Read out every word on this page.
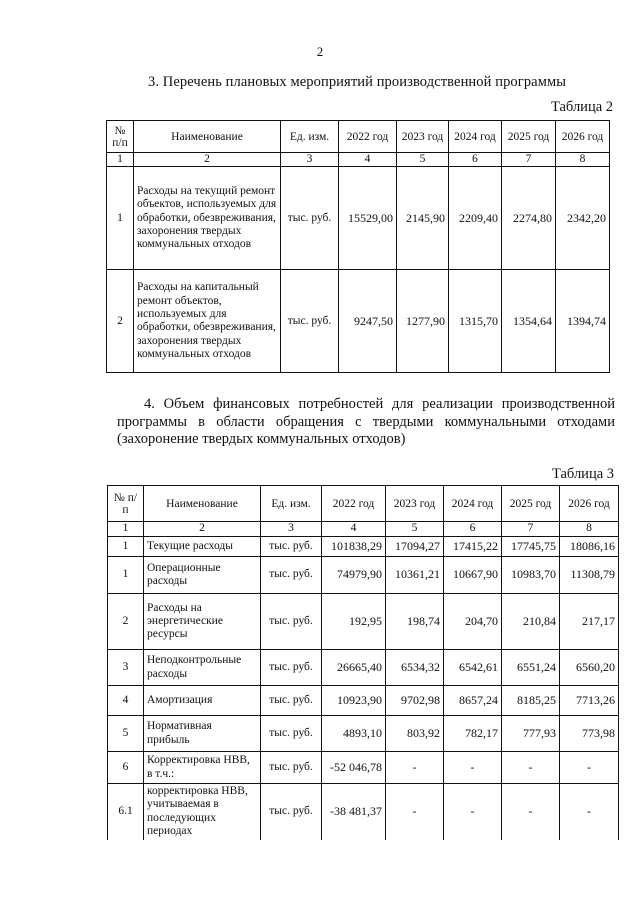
2
3. Перечень плановых мероприятий производственной программы
Таблица 2
№ п/п	Наименование	Ед. изм.	2022 год	2023 год	2024 год	2025 год	2026 год
1	2	3	4	5	6	7	8
1	Расходы на текущий ремонт объектов, используемых для обработки, обезвреживания, захоронения твердых коммунальных отходов	тыс. руб.	15529,00	2145,90	2209,40	2274,80	2342,20
2	Расходы на капитальный ремонт объектов, используемых для обработки, обезвреживания, захоронения твердых коммунальных отходов	тыс. руб.	9247,50	1277,90	1315,70	1354,64	1394,74
4. Объем финансовых потребностей для реализации производственной программы в области обращения с твердыми коммунальными отходами (захоронение твердых коммунальных отходов)
Таблица 3
№ п/п	Наименование	Ед. изм.	2022 год	2023 год	2024 год	2025 год	2026 год
1	2	3	4	5	6	7	8
1	Текущие расходы	тыс. руб.	101838,29	17094,27	17415,22	17745,75	18086,16
1	Операционные расходы	тыс. руб.	74979,90	10361,21	10667,90	10983,70	11308,79
2	Расходы на энергетические ресурсы	тыс. руб.	192,95	198,74	204,70	210,84	217,17
3	Неподконтрольные расходы	тыс. руб.	26665,40	6534,32	6542,61	6551,24	6560,20
4	Амортизация	тыс. руб.	10923,90	9702,98	8657,24	8185,25	7713,26
5	Нормативная прибыль	тыс. руб.	4893,10	803,92	782,17	777,93	773,98
6	Корректировка НВВ, в т.ч.:	тыс. руб.	-52 046,78	-	-	-	-
6.1	корректировка НВВ, учитываемая в последующих периодах	тыс. руб.	-38 481,37	-	-	-	-
